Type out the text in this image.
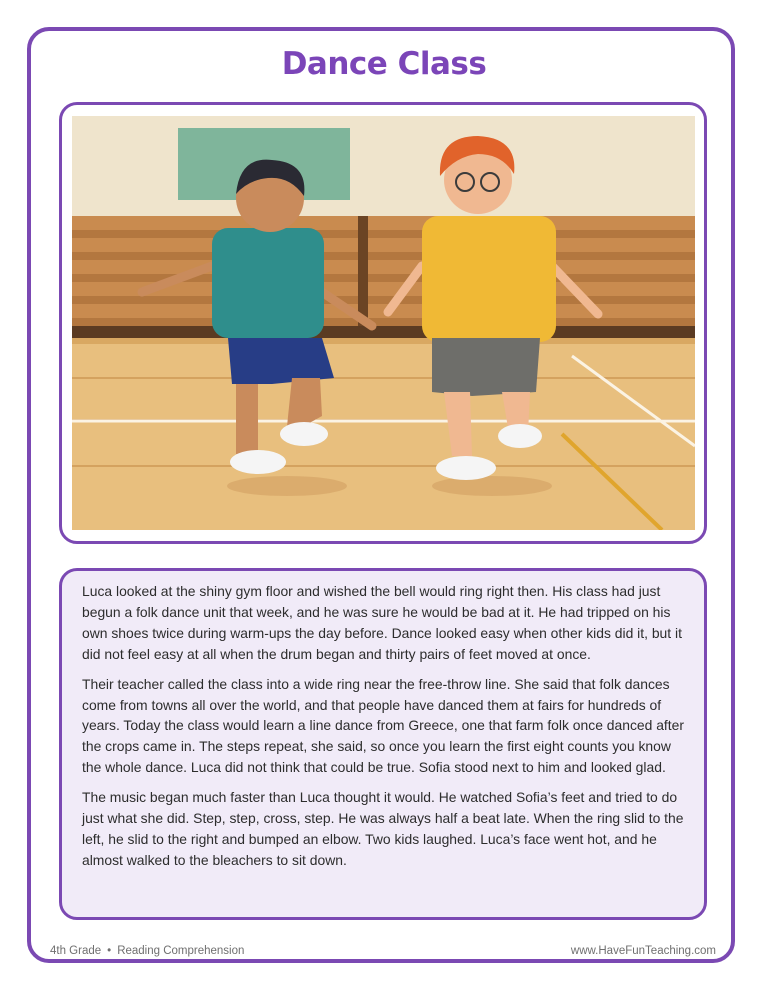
Dance Class

Luca looked at the shiny gym floor and wished the bell would ring right then. His class had just begun a folk dance unit that week, and he was sure he would be bad at it. He had tripped on his own shoes twice during warm-ups the day before. Dance looked easy when other kids did it, but it did not feel easy at all when the drum began and thirty pairs of feet moved at once.

Their teacher called the class into a wide ring near the free-throw line. She said that folk dances come from towns all over the world, and that people have danced them at fairs for hundreds of years. Today the class would learn a line dance from Greece, one that farm folk once danced after the crops came in. The steps repeat, she said, so once you learn the first eight counts you know the whole dance. Luca did not think that could be true. Sofia stood next to him and looked glad.

The music began much faster than Luca thought it would. He watched Sofia’s feet and tried to do just what she did. Step, step, cross, step. He was always half a beat late. When the ring slid to the left, he slid to the right and bumped an elbow. Two kids laughed. Luca’s face went hot, and he almost walked to the bleachers to sit down.

4th Grade • Reading Comprehension	www.HaveFunTeaching.com
